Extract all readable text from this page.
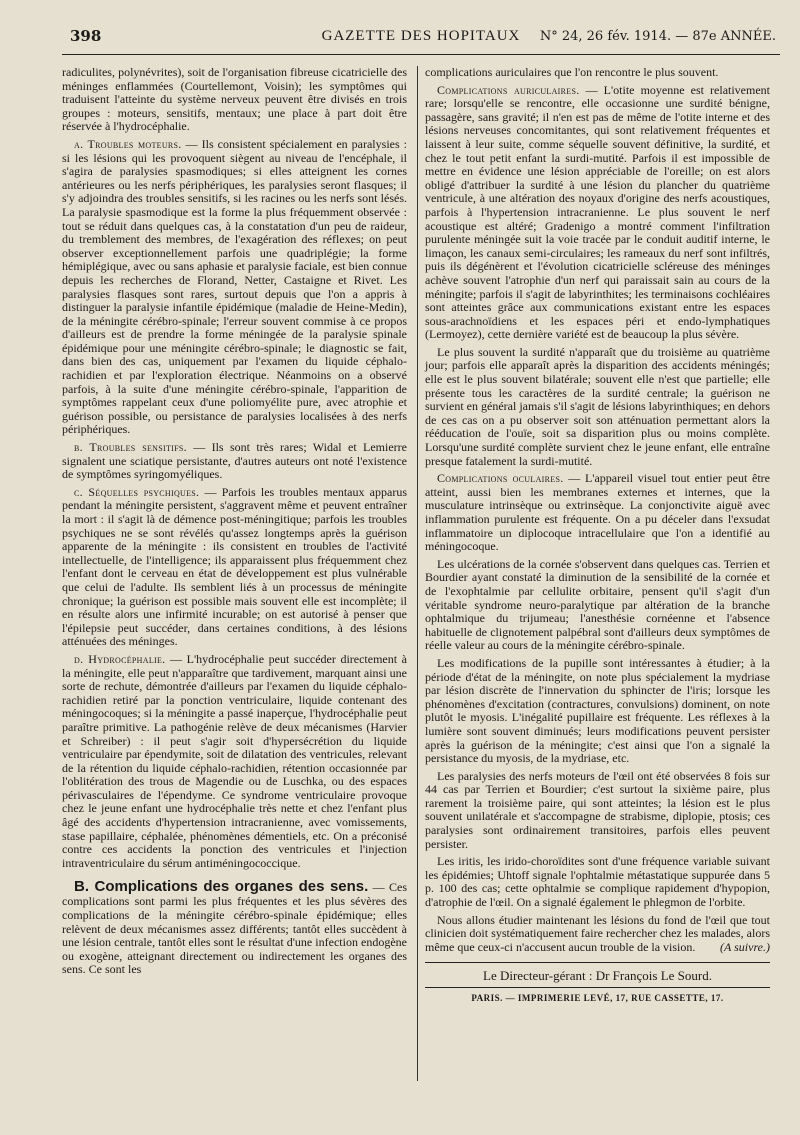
398	GAZETTE DES HOPITAUX	N° 24, 26 fév. 1914. — 87e ANNÉE.

radiculites, polynévrites), soit de l'organisation fibreuse cicatricielle des méninges enflammées (Courtellemont, Voisin); les symptômes qui traduisent l'atteinte du système nerveux peuvent être divisés en trois groupes : moteurs, sensitifs, mentaux; une place à part doit être réservée à l'hydrocéphalie.

a. Troubles moteurs. — Ils consistent spécialement en paralysies : si les lésions qui les provoquent siègent au niveau de l'encéphale, il s'agira de paralysies spasmodiques; si elles atteignent les cornes antérieures ou les nerfs périphériques, les paralysies seront flasques; il s'y adjoindra des troubles sensitifs, si les racines ou les nerfs sont lésés. La paralysie spasmodique est la forme la plus fréquemment observée : tout se réduit dans quelques cas, à la constatation d'un peu de raideur, du tremblement des membres, de l'exagération des réflexes; on peut observer exceptionnellement parfois une quadriplégie; la forme hémiplégique, avec ou sans aphasie et paralysie faciale, est bien connue depuis les recherches de Florand, Netter, Castaigne et Rivet. Les paralysies flasques sont rares, surtout depuis que l'on a appris à distinguer la paralysie infantile épidémique (maladie de Heine-Medin), de la méningite cérébro-spinale; l'erreur souvent commise à ce propos d'ailleurs est de prendre la forme méningée de la paralysie spinale épidémique pour une méningite cérébro-spinale; le diagnostic se fait, dans bien des cas, uniquement par l'examen du liquide céphalo-rachidien et par l'exploration électrique. Néanmoins on a observé parfois, à la suite d'une méningite cérébro-spinale, l'apparition de symptômes rappelant ceux d'une poliomyélite pure, avec atrophie et guérison possible, ou persistance de paralysies localisées à des nerfs périphériques.

b. Troubles sensitifs. — Ils sont très rares; Widal et Lemierre signalent une sciatique persistante, d'autres auteurs ont noté l'existence de symptômes syringomyéliques.

c. Séquelles psychiques. — Parfois les troubles mentaux apparus pendant la méningite persistent, s'aggravent même et peuvent entraîner la mort : il s'agit là de démence post-méningitique; parfois les troubles psychiques ne se sont révélés qu'assez longtemps après la guérison apparente de la méningite : ils consistent en troubles de l'activité intellectuelle, de l'intelligence; ils apparaissent plus fréquemment chez l'enfant dont le cerveau en état de développement est plus vulnérable que celui de l'adulte. Ils semblent liés à un processus de méningite chronique; la guérison est possible mais souvent elle est incomplète; il en résulte alors une infirmité incurable; on est autorisé à penser que l'épilepsie peut succéder, dans certaines conditions, à des lésions atténuées des méninges.

d. Hydrocéphalie. — L'hydrocéphalie peut succéder directement à la méningite, elle peut n'apparaître que tardivement, marquant ainsi une sorte de rechute, démontrée d'ailleurs par l'examen du liquide céphalo-rachidien retiré par la ponction ventriculaire, liquide contenant des méningocoques; si la méningite a passé inaperçue, l'hydrocéphalie peut paraître primitive. La pathogénie relève de deux mécanismes (Harvier et Schreiber) : il peut s'agir soit d'hypersécrétion du liquide ventriculaire par épendymite, soit de dilatation des ventricules, relevant de la rétention du liquide céphalo-rachidien, rétention occasionnée par l'oblitération des trous de Magendie ou de Luschka, ou des espaces périvasculaires de l'épendyme. Ce syndrome ventriculaire provoque chez le jeune enfant une hydrocéphalie très nette et chez l'enfant plus âgé des accidents d'hypertension intracranienne, avec vomissements, stase papillaire, céphalée, phénomènes démentiels, etc. On a préconisé contre ces accidents la ponction des ventricules et l'injection intraventriculaire du sérum antiméningococcique.

B. Complications des organes des sens. — Ces complications sont parmi les plus fréquentes et les plus sévères des complications de la méningite cérébro-spinale épidémique; elles relèvent de deux mécanismes assez différents; tantôt elles succèdent à une lésion centrale, tantôt elles sont le résultat d'une infection endogène ou exogène, atteignant directement ou indirectement les organes des sens. Ce sont les

complications auriculaires que l'on rencontre le plus souvent.

Complications auriculaires. — L'otite moyenne est relativement rare; lorsqu'elle se rencontre, elle occasionne une surdité bénigne, passagère, sans gravité; il n'en est pas de même de l'otite interne et des lésions nerveuses concomitantes, qui sont relativement fréquentes et laissent à leur suite, comme séquelle souvent définitive, la surdité, et chez le tout petit enfant la surdi-mutité. Parfois il est impossible de mettre en évidence une lésion appréciable de l'oreille; on est alors obligé d'attribuer la surdité à une lésion du plancher du quatrième ventricule, à une altération des noyaux d'origine des nerfs acoustiques, parfois à l'hypertension intracranienne. Le plus souvent le nerf acoustique est altéré; Gradenigo a montré comment l'infiltration purulente méningée suit la voie tracée par le conduit auditif interne, le limaçon, les canaux semi-circulaires; les rameaux du nerf sont infiltrés, puis ils dégénèrent et l'évolution cicatricielle scléreuse des méninges achève souvent l'atrophie d'un nerf qui paraissait sain au cours de la méningite; parfois il s'agit de labyrinthites; les terminaisons cochléaires sont atteintes grâce aux communications existant entre les espaces sous-arachnoïdiens et les espaces péri et endo-lymphatiques (Lermoyez), cette dernière variété est de beaucoup la plus sévère.

Le plus souvent la surdité n'apparaît que du troisième au quatrième jour; parfois elle apparaît après la disparition des accidents méningés; elle est le plus souvent bilatérale; souvent elle n'est que partielle; elle présente tous les caractères de la surdité centrale; la guérison ne survient en général jamais s'il s'agit de lésions labyrinthiques; en dehors de ces cas on a pu observer soit son atténuation permettant alors la rééducation de l'ouïe, soit sa disparition plus ou moins complète. Lorsqu'une surdité complète survient chez le jeune enfant, elle entraîne presque fatalement la surdi-mutité.

Complications oculaires. — L'appareil visuel tout entier peut être atteint, aussi bien les membranes externes et internes, que la musculature intrinsèque ou extrinsèque. La conjonctivite aiguë avec inflammation purulente est fréquente. On a pu déceler dans l'exsudat inflammatoire un diplocoque intracellulaire que l'on a identifié au méningocoque.

Les ulcérations de la cornée s'observent dans quelques cas. Terrien et Bourdier ayant constaté la diminution de la sensibilité de la cornée et de l'exophtalmie par cellulite orbitaire, pensent qu'il s'agit d'un véritable syndrome neuro-paralytique par altération de la branche ophtalmique du trijumeau; l'anesthésie cornéenne et l'absence habituelle de clignotement palpébral sont d'ailleurs deux symptômes de réelle valeur au cours de la méningite cérébro-spinale.

Les modifications de la pupille sont intéressantes à étudier; à la période d'état de la méningite, on note plus spécialement la mydriase par lésion discrète de l'innervation du sphincter de l'iris; lorsque les phénomènes d'excitation (contractures, convulsions) dominent, on note plutôt le myosis. L'inégalité pupillaire est fréquente. Les réflexes à la lumière sont souvent diminués; leurs modifications peuvent persister après la guérison de la méningite; c'est ainsi que l'on a signalé la persistance du myosis, de la mydriase, etc.

Les paralysies des nerfs moteurs de l'œil ont été observées 8 fois sur 44 cas par Terrien et Bourdier; c'est surtout la sixième paire, plus rarement la troisième paire, qui sont atteintes; la lésion est le plus souvent unilatérale et s'accompagne de strabisme, diplopie, ptosis; ces paralysies sont ordinairement transitoires, parfois elles peuvent persister.

Les iritis, les irido-choroïdites sont d'une fréquence variable suivant les épidémies; Uhtoff signale l'ophtalmie métastatique suppurée dans 5 p. 100 des cas; cette ophtalmie se complique rapidement d'hypopion, d'atrophie de l'œil. On a signalé également le phlegmon de l'orbite.

Nous allons étudier maintenant les lésions du fond de l'œil que tout clinicien doit systématiquement faire rechercher chez les malades, alors même que ceux-ci n'accusent aucun trouble de la vision.	(A suivre.)

Le Directeur-gérant : Dr François Le Sourd.
PARIS. — IMPRIMERIE LEVÉ, 17, RUE CASSETTE, 17.
